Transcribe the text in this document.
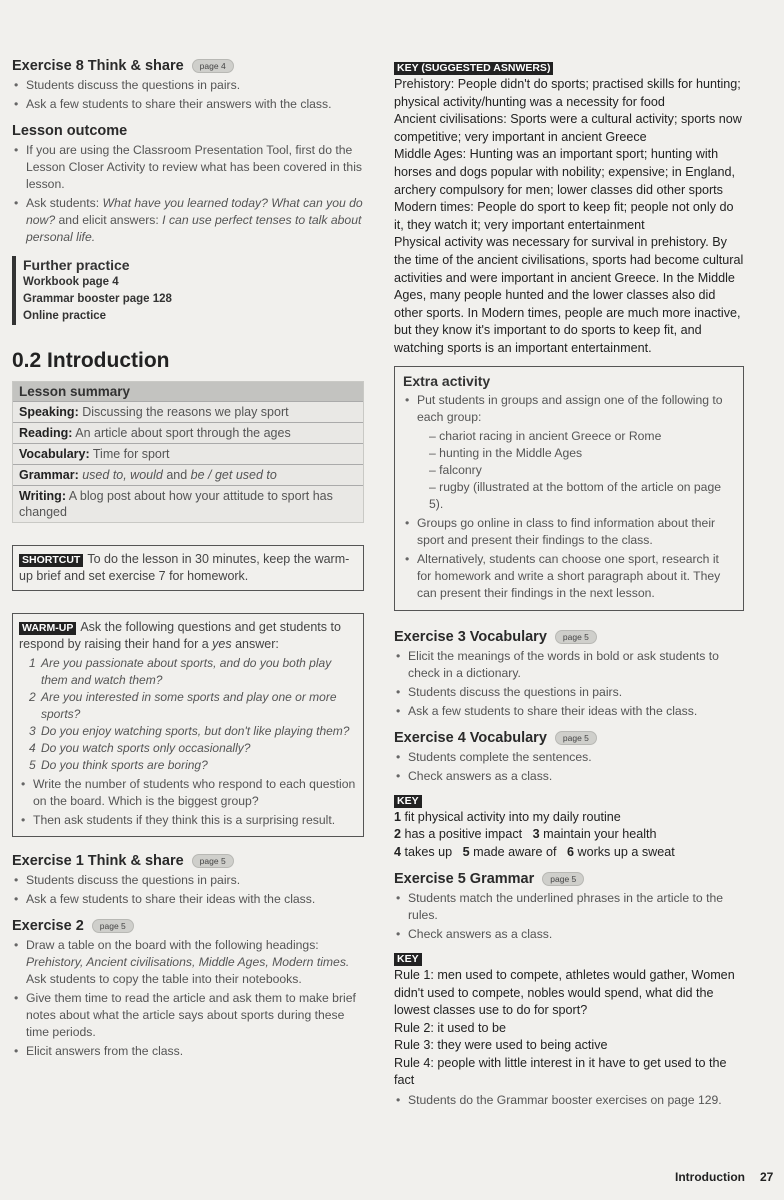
Exercise 8 Think & share	page 4
• Students discuss the questions in pairs.
• Ask a few students to share their answers with the class.
Lesson outcome
• If you are using the Classroom Presentation Tool, first do the Lesson Closer Activity to review what has been covered in this lesson.
• Ask students: What have you learned today? What can you do now? and elicit answers: I can use perfect tenses to talk about personal life.
Further practice
Workbook page 4
Grammar booster page 128
Online practice
0.2 Introduction
Lesson summary
Speaking: Discussing the reasons we play sport
Reading: An article about sport through the ages
Vocabulary: Time for sport
Grammar: used to, would and be / get used to
Writing: A blog post about how your attitude to sport has changed
SHORTCUT To do the lesson in 30 minutes, keep the warm-up brief and set exercise 7 for homework.
WARM-UP Ask the following questions and get students to respond by raising their hand for a yes answer:
1 Are you passionate about sports, and do you both play them and watch them?
2 Are you interested in some sports and play one or more sports?
3 Do you enjoy watching sports, but don't like playing them?
4 Do you watch sports only occasionally?
5 Do you think sports are boring?
• Write the number of students who respond to each question on the board. Which is the biggest group?
• Then ask students if they think this is a surprising result.
Exercise 1 Think & share	page 5
• Students discuss the questions in pairs.
• Ask a few students to share their ideas with the class.
Exercise 2	page 5
• Draw a table on the board with the following headings: Prehistory, Ancient civilisations, Middle Ages, Modern times. Ask students to copy the table into their notebooks.
• Give them time to read the article and ask them to make brief notes about what the article says about sports during these time periods.
• Elicit answers from the class.
KEY (SUGGESTED ASNWERS)

Prehistory: People didn't do sports; practised skills for hunting; physical activity/hunting was a necessity for food

Ancient civilisations: Sports were a cultural activity; sports now competitive; very important in ancient Greece

Middle Ages: Hunting was an important sport; hunting with horses and dogs popular with nobility; expensive; in England, archery compulsory for men; lower classes did other sports

Modern times: People do sport to keep fit; people not only do it, they watch it; very important entertainment

Physical activity was necessary for survival in prehistory. By the time of the ancient civilisations, sports had become cultural activities and were important in ancient Greece. In the Middle Ages, many people hunted and the lower classes also did other sports. In Modern times, people are much more inactive, but they know it's important to do sports to keep fit, and watching sports is an important entertainment.

Extra activity
• Put students in groups and assign one of the following to each group:
– chariot racing in ancient Greece or Rome
– hunting in the Middle Ages
– falconry
– rugby (illustrated at the bottom of the article on page 5).
• Groups go online in class to find information about their sport and present their findings to the class.
• Alternatively, students can choose one sport, research it for homework and write a short paragraph about it. They can present their findings in the next lesson.
Exercise 3 Vocabulary	page 5
• Elicit the meanings of the words in bold or ask students to check in a dictionary.
• Students discuss the questions in pairs.
• Ask a few students to share their ideas with the class.
Exercise 4 Vocabulary	page 5
• Students complete the sentences.
• Check answers as a class.
KEY
1 fit physical activity into my daily routine
2 has a positive impact 3 maintain your health
4 takes up 5 made aware of 6 works up a sweat
Exercise 5 Grammar	page 5
• Students match the underlined phrases in the article to the rules.
• Check answers as a class.
KEY
Rule 1: men used to compete, athletes would gather, Women didn't used to compete, nobles would spend, what did the lowest classes use to do for sport?
Rule 2: it used to be
Rule 3: they were used to being active
Rule 4: people with little interest in it have to get used to the fact
• Students do the Grammar booster exercises on page 129.
Introduction 27
